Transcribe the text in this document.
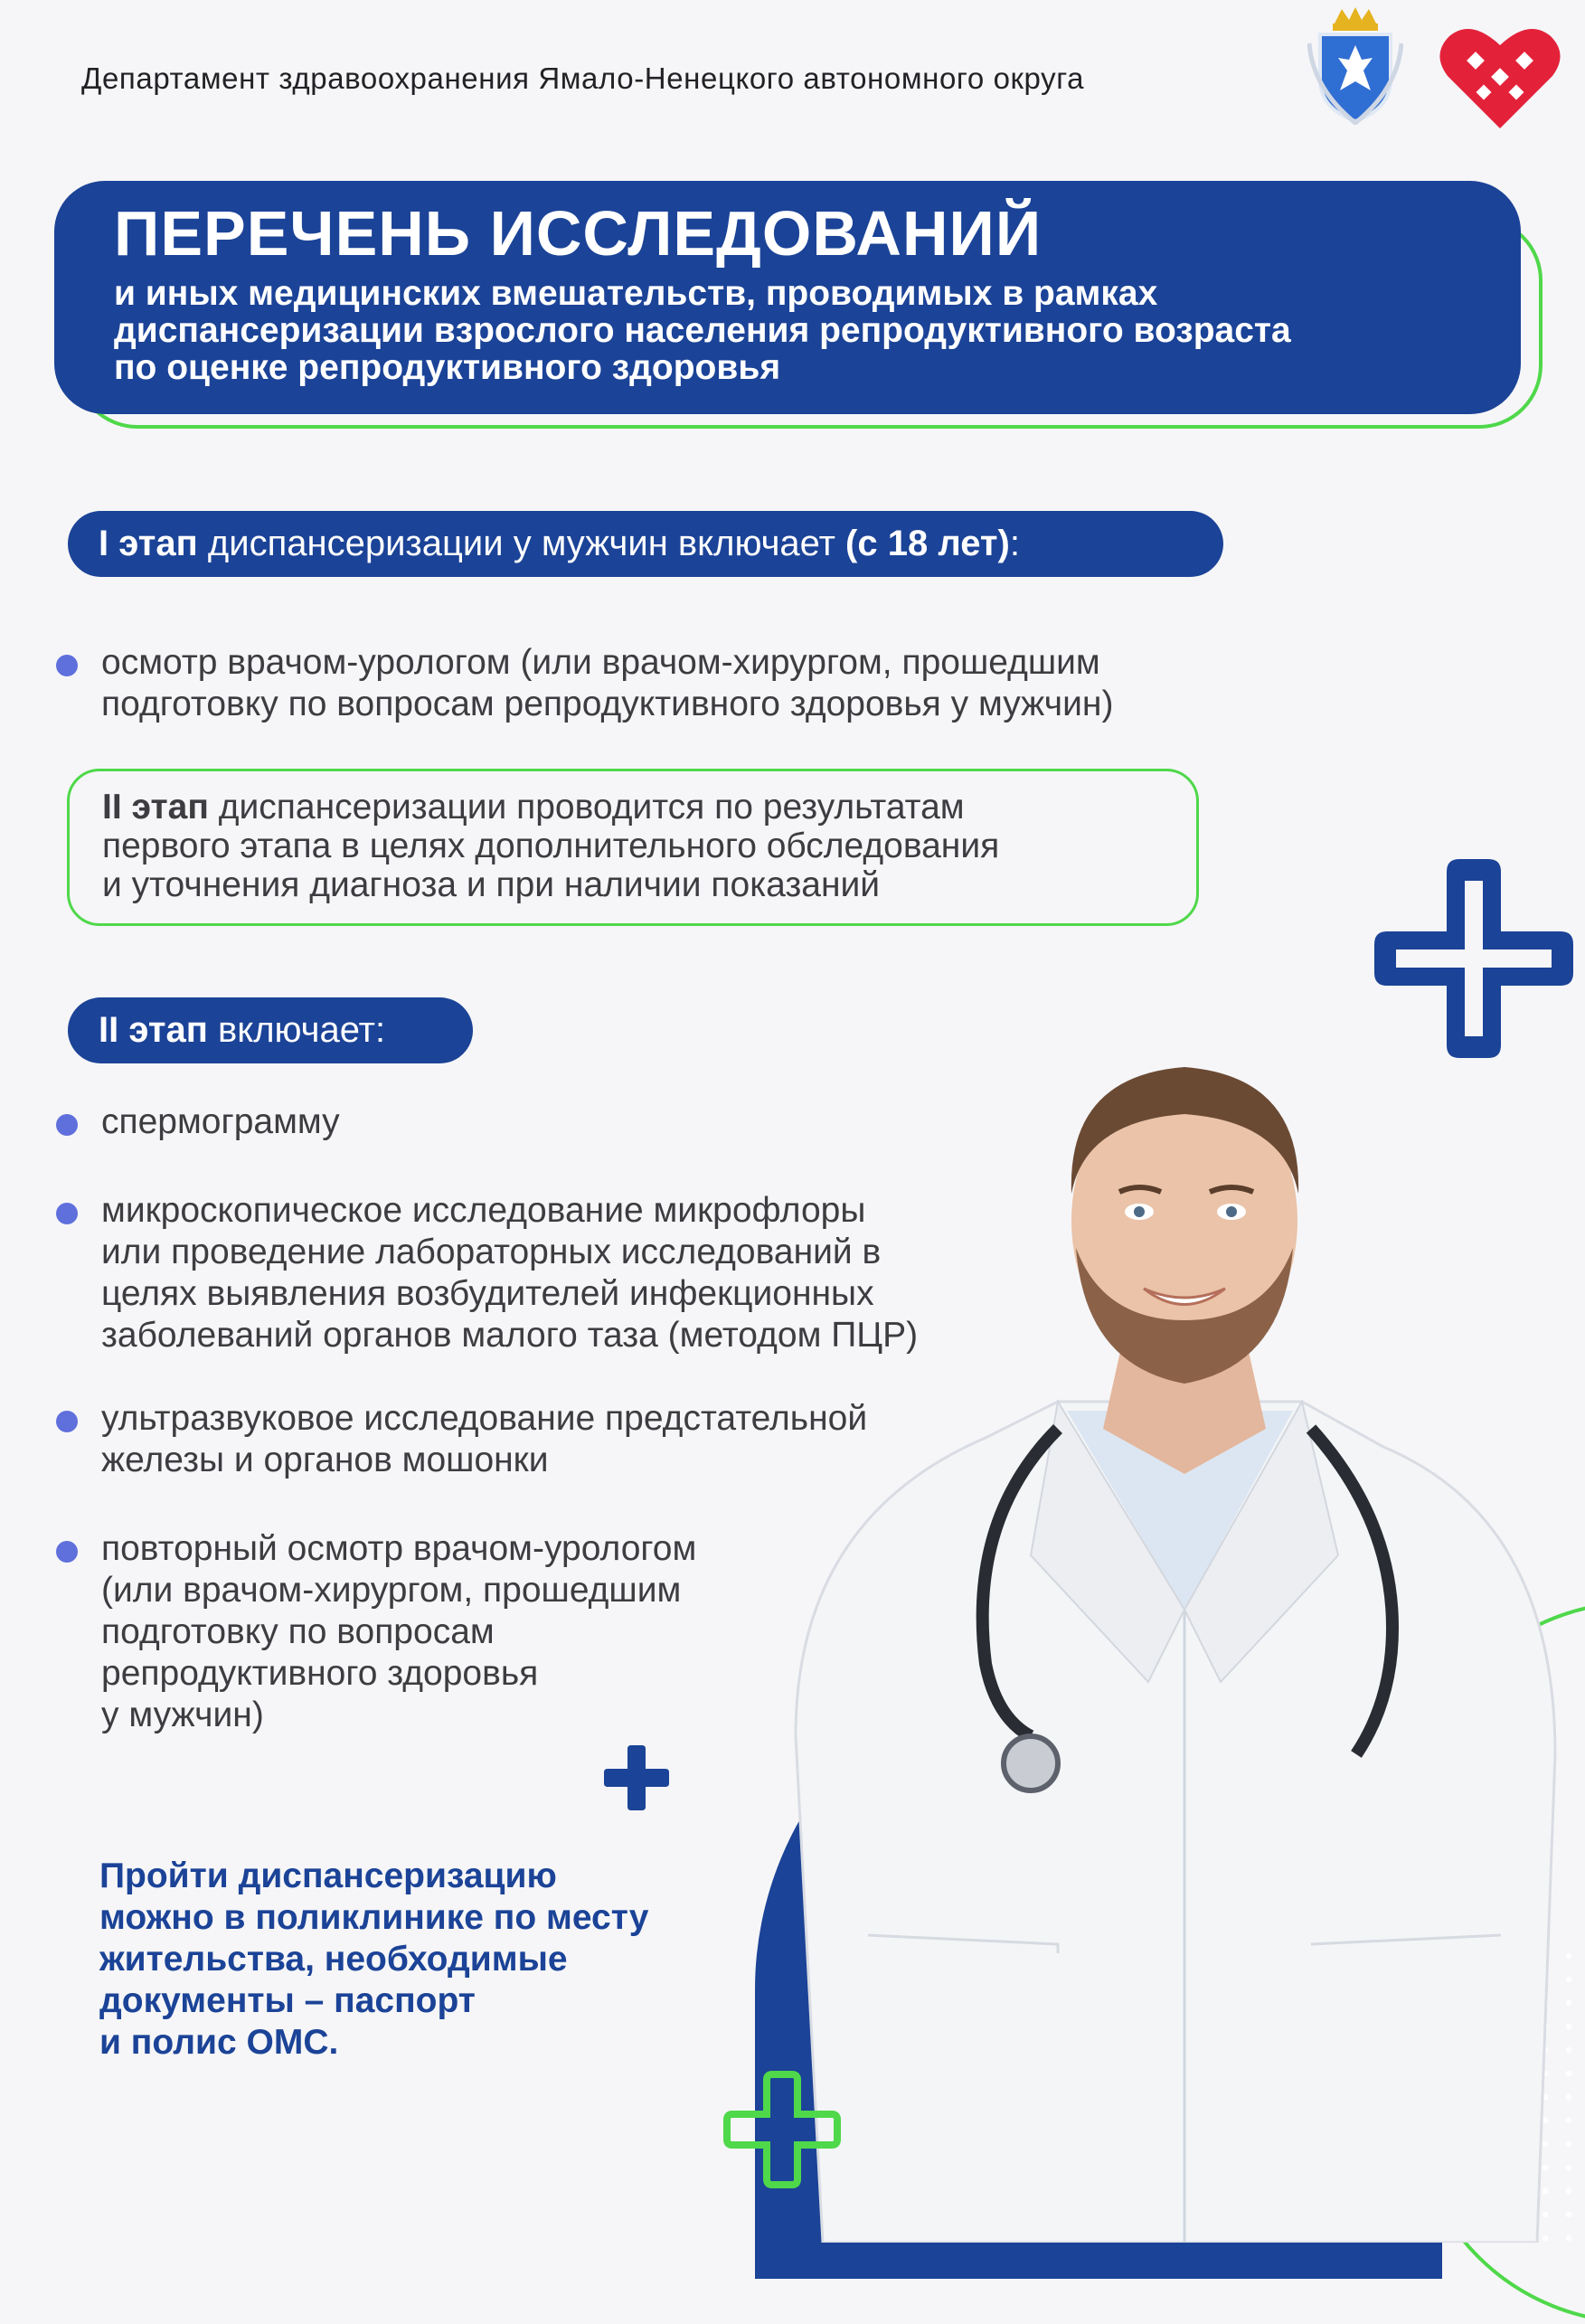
Департамент здравоохранения Ямало-Ненецкого автономного округа
ПЕРЕЧЕНЬ ИССЛЕДОВАНИЙ
и иных медицинских вмешательств, проводимых в рамках
диспансеризации взрослого населения репродуктивного возраста
по оценке репродуктивного здоровья
I этап диспансеризации у мужчин включает (с 18 лет) :
осмотр врачом-урологом (или врачом-хирургом, прошедшим
подготовку по вопросам репродуктивного здоровья у мужчин)
II этап диспансеризации проводится по результатам
первого этапа в целях дополнительного обследования
и уточнения диагноза и при наличии показаний
II этап включает:
спермограмму
микроскопическое исследование микрофлоры
или проведение лабораторных исследований в
целях выявления возбудителей инфекционных
заболеваний органов малого таза (методом ПЦР)
ультразвуковое исследование предстательной
железы и органов мошонки
повторный осмотр врачом-урологом
(или врачом-хирургом, прошедшим
подготовку по вопросам
репродуктивного здоровья
у мужчин)
Пройти диспансеризацию
можно в поликлинике по месту
жительства, необходимые
документы – паспорт
и полис ОМС.
